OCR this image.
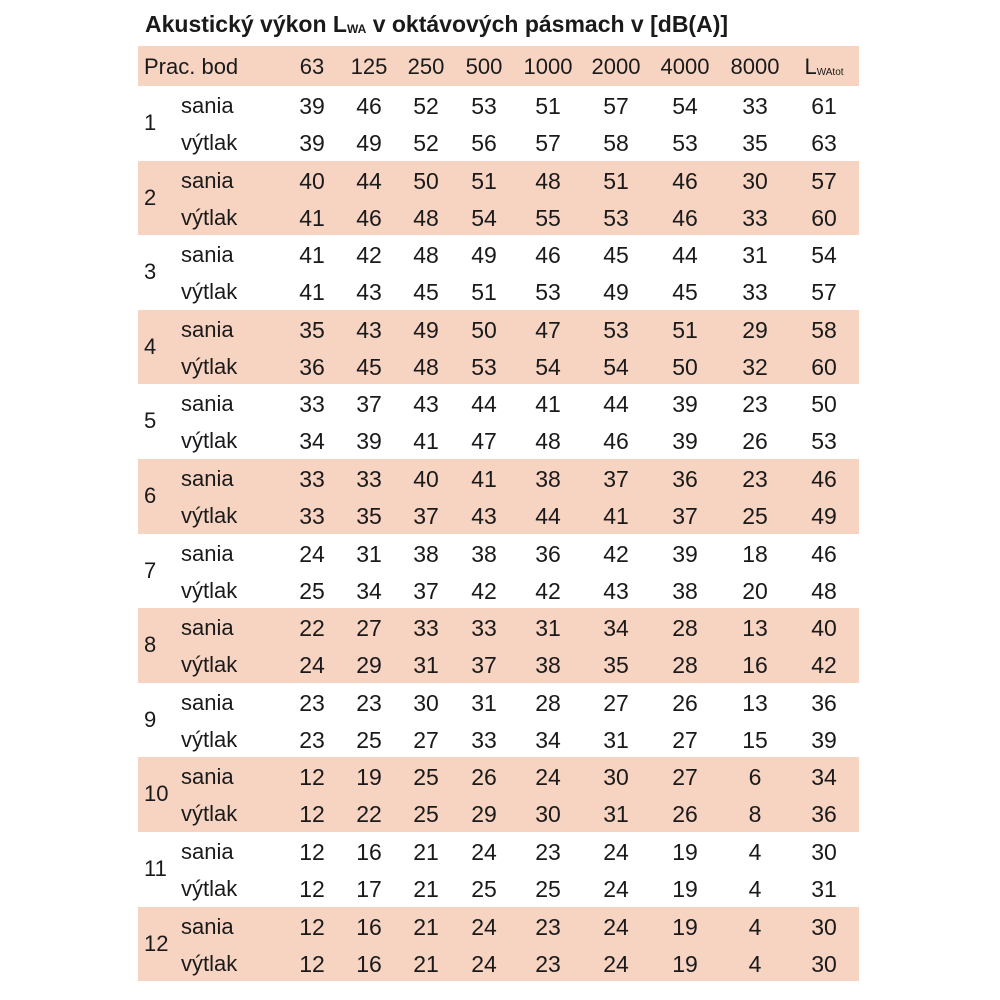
Akustický výkon $L_{WA}$ v oktávových pásmach v [dB(A)]
Prac. bod	63 125 250 500 1000 2000 4000 8000 $L_{WAtot}$
1
sania	39 46 52 53 51 57 54 33 61
výtlak	39 49 52 56 57 58 53 35 63
2
sania	40 44 50 51 48 51 46 30 57
výtlak	41 46 48 54 55 53 46 33 60
3
sania	41 42 48 49 46 45 44 31 54
výtlak	41 43 45 51 53 49 45 33 57
4
sania	35 43 49 50 47 53 51 29 58
výtlak	36 45 48 53 54 54 50 32 60
5
sania	33 37 43 44 41 44 39 23 50
výtlak	34 39 41 47 48 46 39 26 53
6
sania	33 33 40 41 38 37 36 23 46
výtlak	33 35 37 43 44 41 37 25 49
7
sania	24 31 38 38 36 42 39 18 46
výtlak	25 34 37 42 42 43 38 20 48
8
sania	22 27 33 33 31 34 28 13 40
výtlak	24 29 31 37 38 35 28 16 42
9
sania	23 23 30 31 28 27 26 13 36
výtlak	23 25 27 33 34 31 27 15 39
10
sania	12 19 25 26 24 30 27 6 34
výtlak	12 22 25 29 30 31 26 8 36
11
sania	12 16 21 24 23 24 19 4 30
výtlak	12 17 21 25 25 24 19 4 31
12
sania	12 16 21 24 23 24 19 4 30
výtlak	12 16 21 24 23 24 19 4 30
